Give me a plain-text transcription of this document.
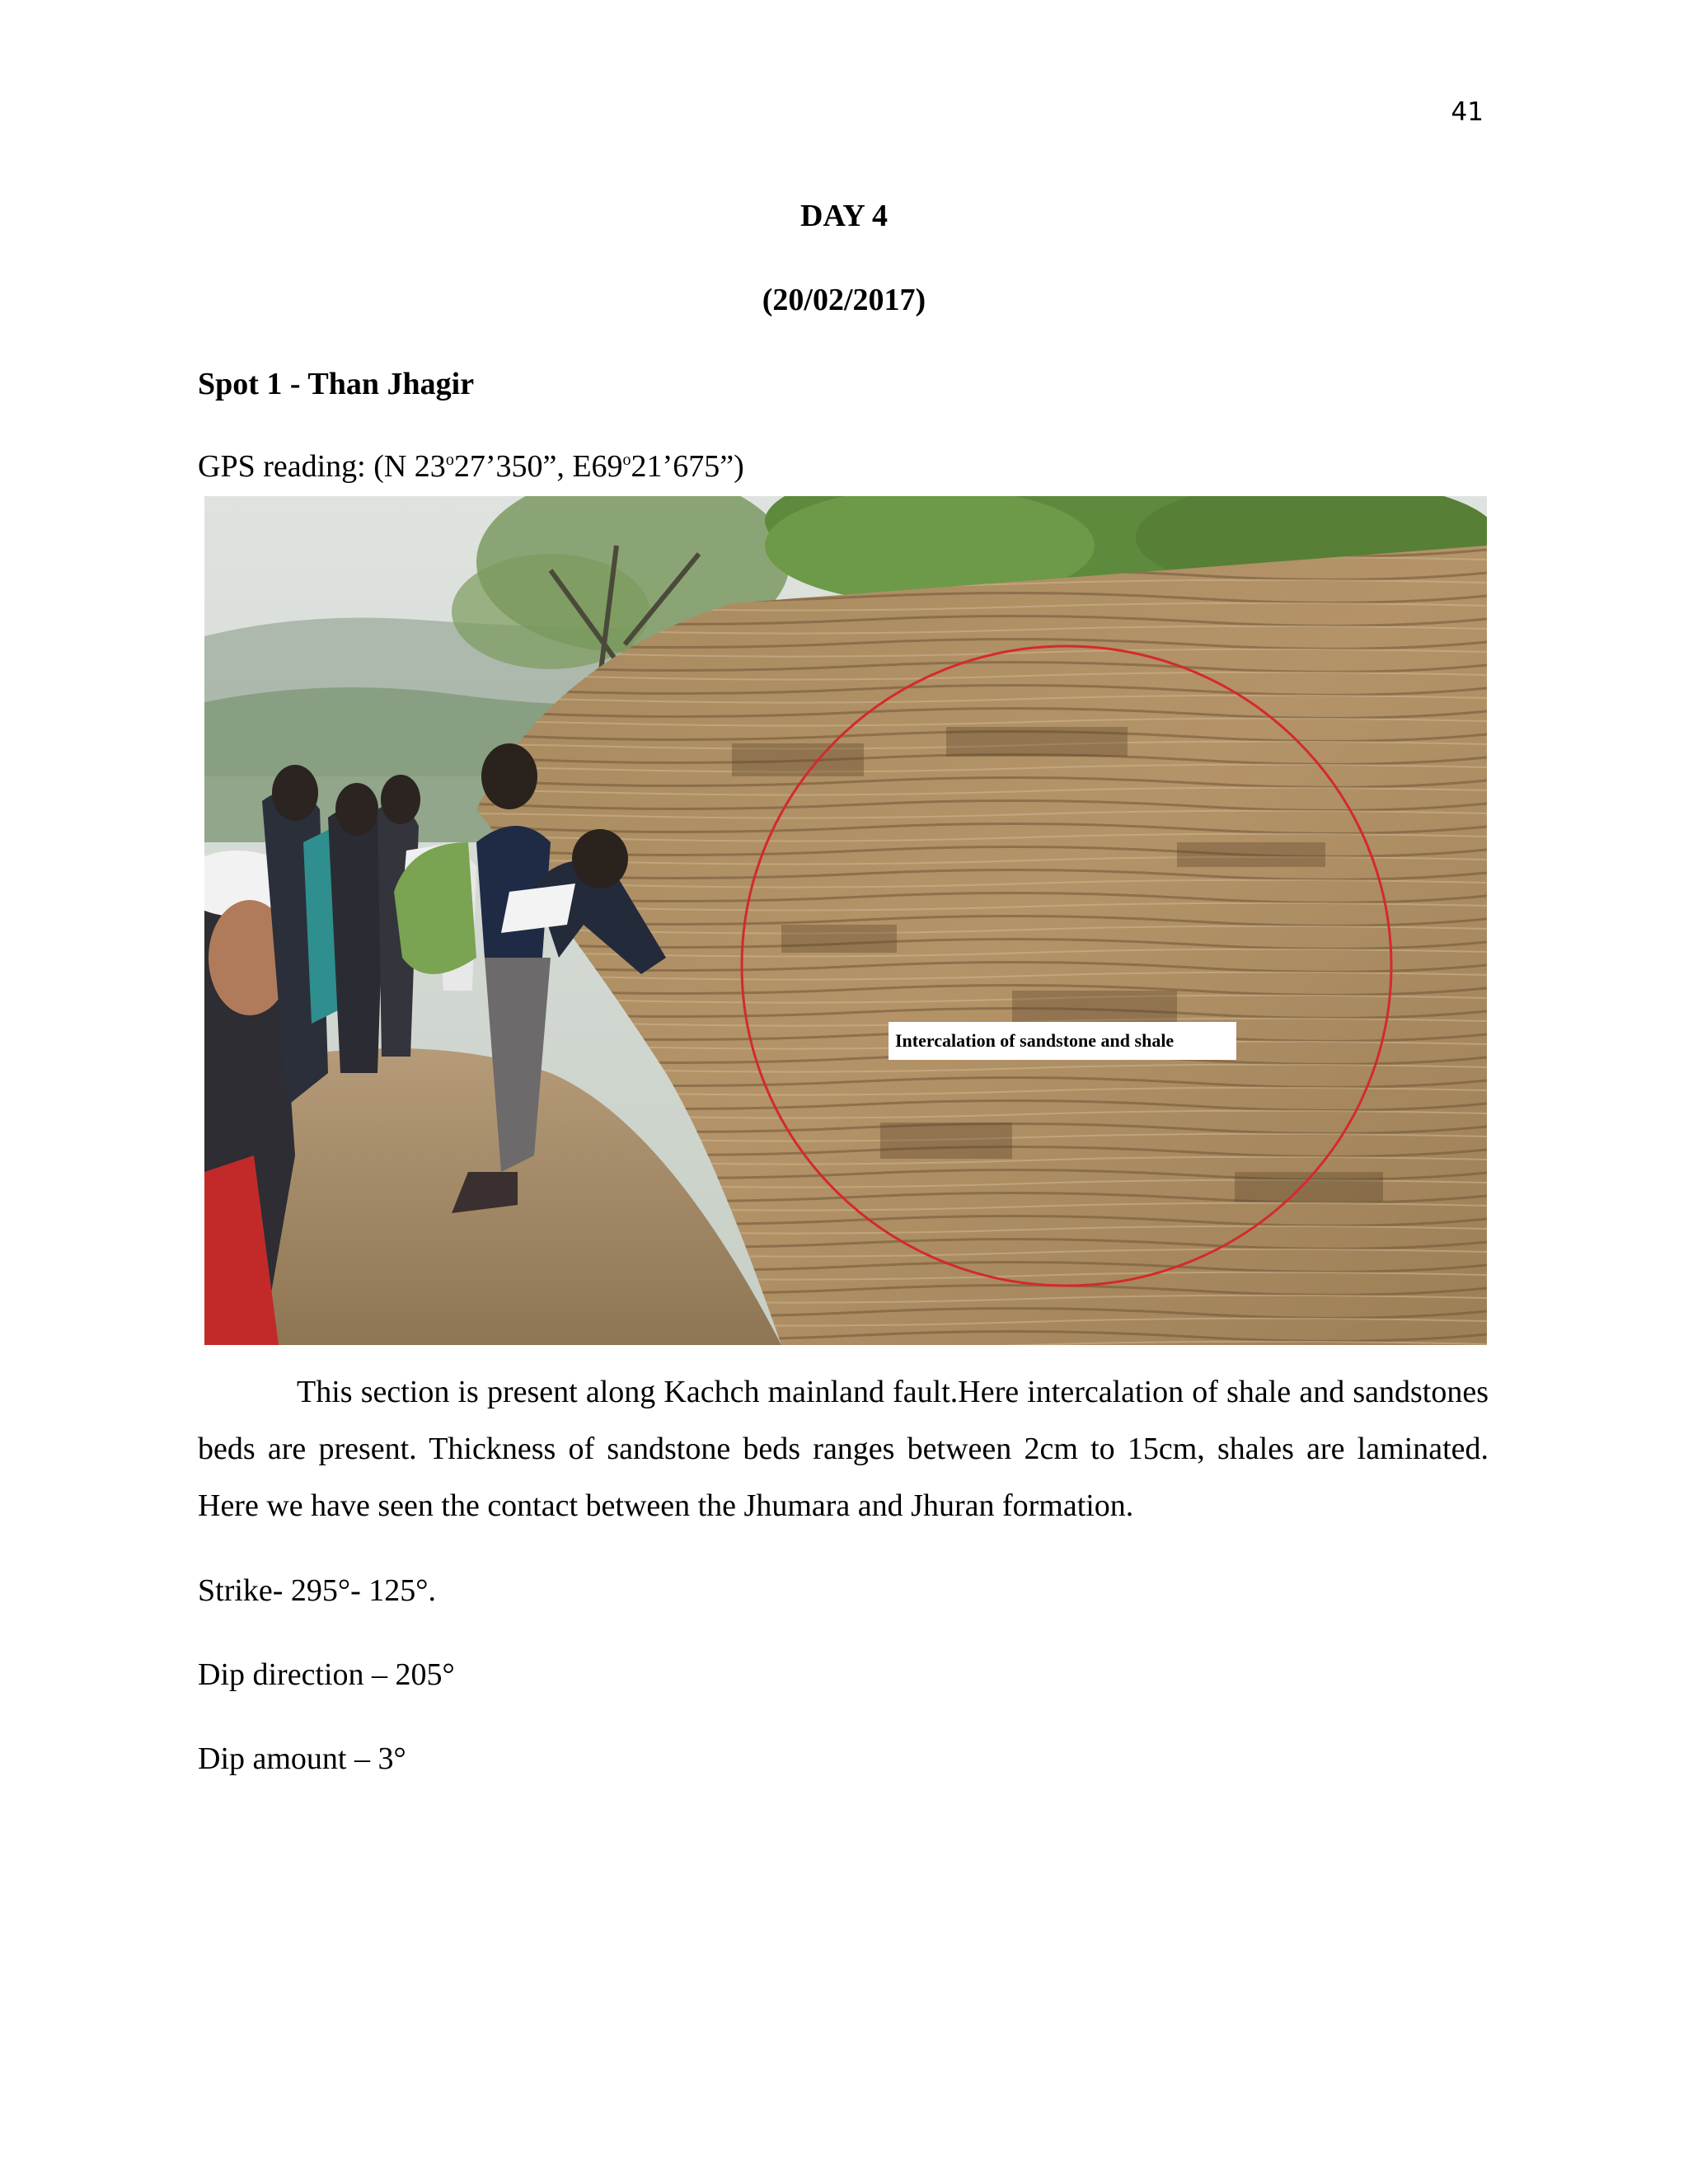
41
DAY 4
(20/02/2017)
Spot 1 - Than Jhagir
GPS reading: (N 23$^o$27’350”, E69$^o$21’675”)
Intercalation of sandstone and shale

This section is present along Kachch mainland fault.Here intercalation of shale and sandstones beds are present. Thickness of sandstone beds ranges between 2cm to 15cm, shales are laminated. Here we have seen the contact between the Jhumara and Jhuran formation.

Strike- 295°- 125°.
Dip direction – 205°
Dip amount – 3°
